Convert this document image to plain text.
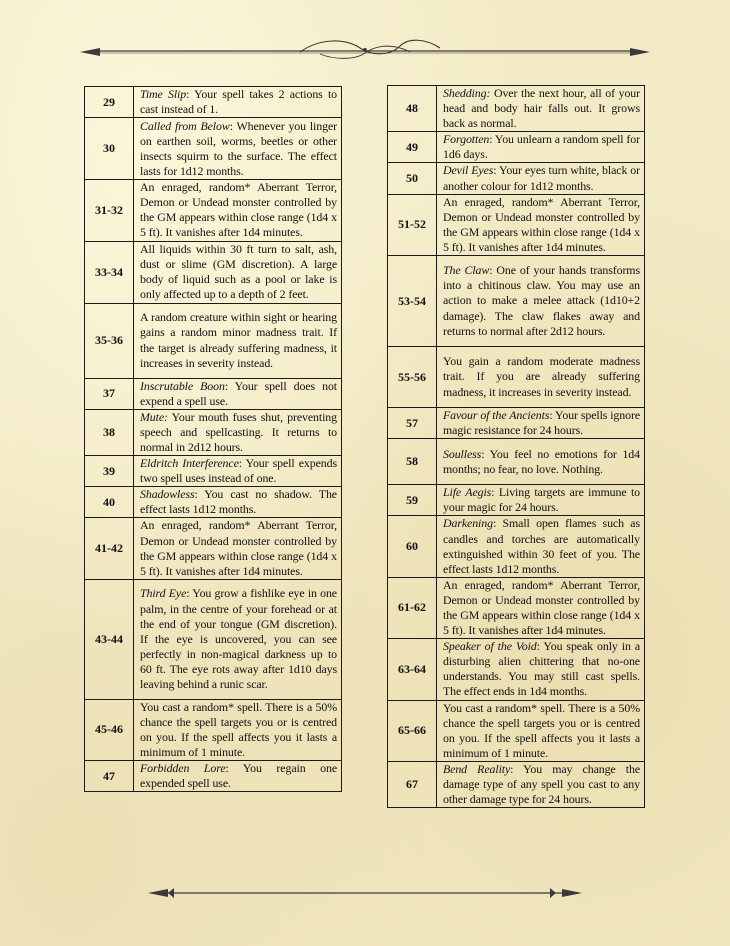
29	Time Slip: Your spell takes 2 actions to cast instead of 1.
30	Called from Below: Whenever you linger on earthen soil, worms, beetles or other insects squirm to the surface. The effect lasts for 1d12 months.
31-32	An enraged, random* Aberrant Terror, Demon or Undead monster controlled by the GM appears within close range (1d4 x 5 ft). It vanishes after 1d4 minutes.
33-34	All liquids within 30 ft turn to salt, ash, dust or slime (GM discretion). A large body of liquid such as a pool or lake is only affected up to a depth of 2 feet.
35-36	A random creature within sight or hearing gains a random minor madness trait. If the target is already suffering madness, it increases in severity instead.
37	Inscrutable Boon: Your spell does not expend a spell use.
38	Mute: Your mouth fuses shut, preventing speech and spellcasting. It returns to normal in 2d12 hours.
39	Eldritch Interference: Your spell expends two spell uses instead of one.
40	Shadowless: You cast no shadow. The effect lasts 1d12 months.
41-42	An enraged, random* Aberrant Terror, Demon or Undead monster controlled by the GM appears within close range (1d4 x 5 ft). It vanishes after 1d4 minutes.
43-44	Third Eye: You grow a fishlike eye in one palm, in the centre of your forehead or at the end of your tongue (GM discretion). If the eye is uncovered, you can see perfectly in non-magical darkness up to 60 ft. The eye rots away after 1d10 days leaving behind a runic scar.
45-46	You cast a random* spell. There is a 50% chance the spell targets you or is centred on you. If the spell affects you it lasts a minimum of 1 minute.
47	Forbidden Lore: You regain one expended spell use.
48	Shedding: Over the next hour, all of your head and body hair falls out. It grows back as normal.
49	Forgotten: You unlearn a random spell for 1d6 days.
50	Devil Eyes: Your eyes turn white, black or another colour for 1d12 months.
51-52	An enraged, random* Aberrant Terror, Demon or Undead monster controlled by the GM appears within close range (1d4 x 5 ft). It vanishes after 1d4 minutes.
53-54	The Claw: One of your hands transforms into a chitinous claw. You may use an action to make a melee attack (1d10+2 damage). The claw flakes away and returns to normal after 2d12 hours.
55-56	You gain a random moderate madness trait. If you are already suffering madness, it increases in severity instead.
57	Favour of the Ancients: Your spells ignore magic resistance for 24 hours.
58	Soulless: You feel no emotions for 1d4 months; no fear, no love. Nothing.
59	Life Aegis: Living targets are immune to your magic for 24 hours.
60	Darkening: Small open flames such as candles and torches are automatically extinguished within 30 feet of you. The effect lasts 1d12 months.
61-62	An enraged, random* Aberrant Terror, Demon or Undead monster controlled by the GM appears within close range (1d4 x 5 ft). It vanishes after 1d4 minutes.
63-64	Speaker of the Void: You speak only in a disturbing alien chittering that no-one understands. You may still cast spells. The effect ends in 1d4 months.
65-66	You cast a random* spell. There is a 50% chance the spell targets you or is centred on you. If the spell affects you it lasts a minimum of 1 minute.
67	Bend Reality: You may change the damage type of any spell you cast to any other damage type for 24 hours.
